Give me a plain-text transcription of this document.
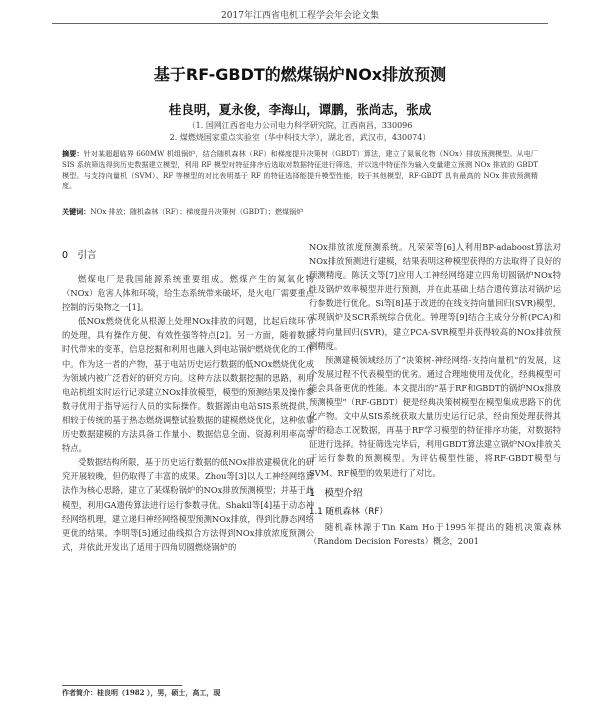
2017年江西省电机工程学会年会论文集
基于RF-GBDT的燃煤锅炉NOx排放预测
桂良明，夏永俊，李海山，谭鹏，张尚志，张成
（1. 国网江西省电力公司电力科学研究院，江西南昌，330096
2. 煤燃烧国家重点实验室（华中科技大学），湖北省，武汉市，430074）
摘要：针对某超超临界 660MW 机组锅炉，结合随机森林（RF）和梯度提升决策树（GBDT）算法，建立了氮氧化物（NOx）排放预测模型。从电厂 SIS 系统筛选得到历史数据建立模型，利用 RF 模型对特征排序后选取对数据特征进行筛选，并以选中特征作为输入变量建立预测 NOx 排放的 GBDT 模型。与支持向量机（SVM）、RF 等模型的对比表明基于 RF 的特征选择能提升模型性能，较于其他模型，RF-GBDT 具有最高的 NOx 排放预测精度。
关键词：NOx 排放；随机森林（RF）；梯度提升决策树（GBDT）；燃煤锅炉
0　引言

燃煤电厂是我国能源系统重要组成。燃煤产生的氮氧化物（NOx）危害人体和环境，给生态系统带来破坏，是火电厂需要重点控制的污染物之一[1]。

低NOx燃烧优化从根源上处理NOx排放的问题，比起后续环节的处理，具有操作方便、有效性强等特点[2]。另一方面，随着数据时代带来的变革，信息挖掘和利用也融入到电站锅炉燃烧优化的工作中。作为这一者的产物，基于电站历史运行数据的低NOx燃烧优化成为领域内被广泛看好的研究方向。这种方法以数据挖掘的思路，利用电站机组实时运行记录建立NOx排放模型，模型的预测结果及操作参数寻优用于指导运行人员的实际操作。数据源由电站SIS系统提供，相较于传统的基于热态燃烧调整试验数据的建模燃烧优化，这种依靠历史数据建模的方法具备工作量小、数据信息全面、资源利用率高等特点。

受数据结构所限，基于历史运行数据的低NOx排放建模优化的研究开展较晚，但仍取得了丰富的成果。Zhou等[3]以人工神经网络算法作为核心思路，建立了某煤粉锅炉的NOx排放预测模型；并基于此模型，利用GA遗传算法进行运行参数寻优。Shakil等[4]基于动态神经网络机理，建立递归神经网络模型预测NOx排放，得到比静态网络更优的结果。李明等[5]通过曲线拟合方法得到NOx排放浓度预测公式，并依此开发出了适用于四角切圆燃烧锅炉的

NOx排放浓度预测系统。凡荣荣等[6]人利用BP-adaboost算法对NOx排放预测进行建模，结果表明这种模型获得的方法取得了良好的预测精度。陈沃文等[7]应用人工神经网络建立四角切圆锅炉NOx特性及锅炉效率模型并进行预测，并在此基础上结合遗传算法对锅炉运行参数进行优化。Si等[8]基于改进的在线支持向量回归(SVR)模型，实现锅炉及SCR系统综合优化。钟理等[9]结合主成分分析(PCA)和支持向量回归(SVR)，建立PCA-SVR模型并获得较高的NOx排放预测精度。

预测建模领域经历了“决策树-神经网络-支持向量机”的发展，这个发展过程不代表模型的优劣。通过合理地使用及优化，经典模型可能会具备更优的性能。本文提出的“基于RF和GBDT的锅炉NOx排放预测模型”（RF-GBDT）便是经典决策树模型在模型集成思路下的优化产物。文中从SIS系统获取大量历史运行记录，经由预处理获得其中的稳态工况数据，再基于RF学习模型的特征排序功能，对数据特征进行选择。特征筛选完毕后，利用GBDT算法建立锅炉NOx排放关于运行参数的预测模型。为评估模型性能，将RF-GBDT模型与SVM、RF模型的效果进行了对比。

1　模型介绍
1.1 随机森林（RF）

随机森林源于Tin Kam Ho于1995年提出的随机决策森林（Random Decision Forests）概念，2001

作者简介：桂良明（1982 ），男，硕士，高工，现
